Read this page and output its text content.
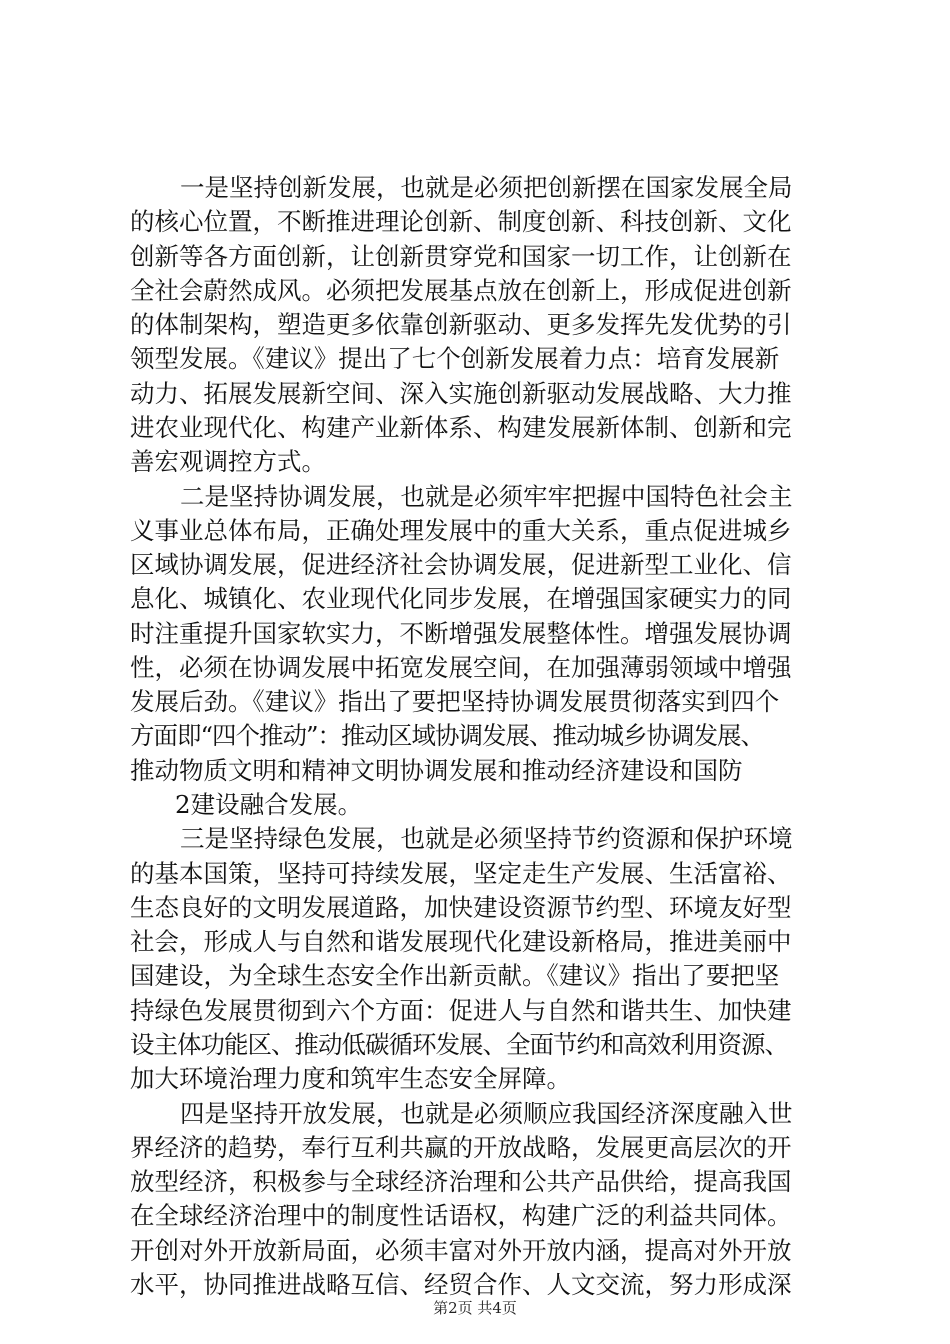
一是坚持创新发展，也就是必须把创新摆在国家发展全局
的核心位置，不断推进理论创新、制度创新、科技创新、文化
创新等各方面创新，让创新贯穿党和国家一切工作，让创新在
全社会蔚然成风。必须把发展基点放在创新上，形成促进创新
的体制架构，塑造更多依靠创新驱动、更多发挥先发优势的引
领型发展。《建议》提出了七个创新发展着力点：培育发展新
动力、拓展发展新空间、深入实施创新驱动发展战略、大力推
进农业现代化、构建产业新体系、构建发展新体制、创新和完
善宏观调控方式。
二是坚持协调发展，也就是必须牢牢把握中国特色社会主
义事业总体布局，正确处理发展中的重大关系，重点促进城乡
区域协调发展，促进经济社会协调发展，促进新型工业化、信
息化、城镇化、农业现代化同步发展，在增强国家硬实力的同
时注重提升国家软实力，不断增强发展整体性。增强发展协调
性，必须在协调发展中拓宽发展空间，在加强薄弱领域中增强
发展后劲。《建议》指出了要把坚持协调发展贯彻落实到四个
方面即“四个推动”：推动区域协调发展、推动城乡协调发展、
推动物质文明和精神文明协调发展和推动经济建设和国防
2建设融合发展。
三是坚持绿色发展，也就是必须坚持节约资源和保护环境
的基本国策，坚持可持续发展，坚定走生产发展、生活富裕、
生态良好的文明发展道路，加快建设资源节约型、环境友好型
社会，形成人与自然和谐发展现代化建设新格局，推进美丽中
国建设，为全球生态安全作出新贡献。《建议》指出了要把坚
持绿色发展贯彻到六个方面：促进人与自然和谐共生、加快建
设主体功能区、推动低碳循环发展、全面节约和高效利用资源、
加大环境治理力度和筑牢生态安全屏障。
四是坚持开放发展，也就是必须顺应我国经济深度融入世
界经济的趋势，奉行互利共赢的开放战略，发展更高层次的开
放型经济，积极参与全球经济治理和公共产品供给，提高我国
在全球经济治理中的制度性话语权，构建广泛的利益共同体。
开创对外开放新局面，必须丰富对外开放内涵，提高对外开放
水平，协同推进战略互信、经贸合作、人文交流，努力形成深
第2页 共4页
